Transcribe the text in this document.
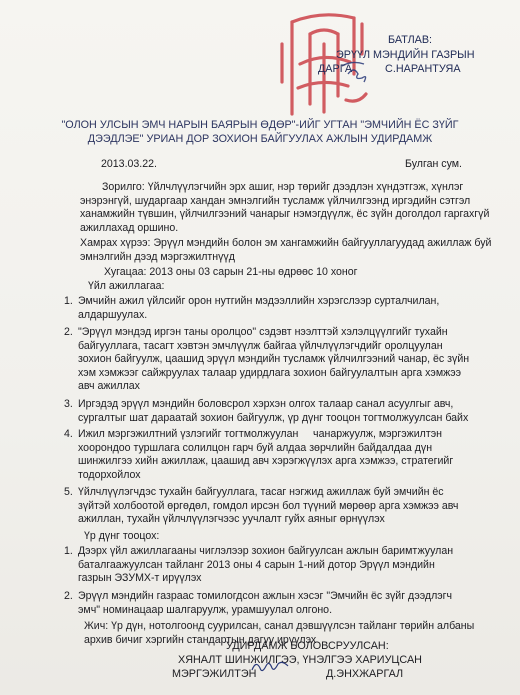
БАТЛАВ:
ЭРҮҮЛ МЭНДИЙН ГАЗРЫН
ДАРГА           С.НАРАНТУЯА
"ОЛОН УЛСЫН ЭМЧ НАРЫН БАЯРЫН ӨДӨР"-ИЙГ УГТАН "ЭМЧИЙН ЁС ЗҮЙГ
ДЭЭДЛЭЕ" УРИАН ДОР ЗОХИОН БАЙГУУЛАХ АЖЛЫН УДИРДАМЖ
2013.03.22.	Булган сум.
Зорилго: Үйлчлүүлэгчийн эрх ашиг, нэр төрийг дээдлэн хүндэтгэж, хүнлэг
энэрэнгүй, шударгаар хандан эмнэлгийн тусламж үйлчилгээнд иргэдийн сэтгэл
ханамжийн түвшин, үйлчилгээний чанарыг нэмэгдүүлж, ёс зүйн доголдол гаргахгүй
ажиллахад оршино.
Хамрах хүрээ: Эрүүл мэндийн болон эм хангамжийн байгууллагуудад ажиллаж буй
эмнэлгийн дээд мэргэжилтнүүд
Хугацаа: 2013 оны 03 сарын 21-ны өдрөөс 10 хоног
Үйл ажиллагаа:
1. Эмчийн ажил үйлсийг орон нутгийн мэдээллийн хэрэгслээр сурталчилан,
алдаршуулах.
2. "Эрүүл мэндэд иргэн таны оролцоо" сэдэвт нээлттэй хэлэлцүүлгийг тухайн
байгууллага, тасагт хэвтэн эмчлүүлж байгаа үйлчлүүлэгчдийг оролцуулан
зохион байгуулж, цаашид эрүүл мэндийн тусламж үйлчилгээний чанар, ёс зүйн
хэм хэмжээг сайжруулах талаар удирдлага зохион байгуулалтын арга хэмжээ
авч ажиллах
3. Иргэдэд эрүүл мэндийн боловсрол хэрхэн олгох талаар санал асуулгыг авч,
сургалтыг шат дараатай зохион байгуулж, үр дүнг тооцон тогтмолжуулсан байх
4. Ижил мэргэжилтний үзлэгийг тогтмолжуулан     чанаржуулж, мэргэжилтэн
хоорондоо туршлага солилцон гарч буй алдаа зөрчлийн байдалдаа дүн
шинжилгээ хийн ажиллаж, цаашид авч хэрэгжүүлэх арга хэмжээ, стратегийг
тодорхойлох
5. Үйлчлүүлэгчдэс тухайн байгууллага, тасаг нэгжид ажиллаж буй эмчийн ёс
зүйтэй холбоотой өргөдөл, гомдол ирсэн бол түүний мөрөөр арга хэмжээ авч
ажиллан, тухайн үйлчлүүлэгчээс уучлалт гуйх аяныг өрнүүлэх
Үр дүнг тооцох:
1. Дээрх үйл ажиллагааны чиглэлээр зохион байгуулсан ажлын баримтжуулан
баталгаажуулсан тайланг 2013 оны 4 сарын 1-ний дотор Эрүүл мэндийн
газрын ЭЗУМХ-т ирүүлэх
2. Эрүүл мэндийн газраас томилогдсон ажлын хэсэг "Эмчийн ёс зүйг дээдлэгч
эмч" номинацаар шалгаруулж, урамшуулал олгоно.
Жич: Үр дүн, нотолгоонд суурилсан, санал дэвшүүлсэн тайланг төрийн албаны
архив бичиг хэргийн стандартын дагуу ирүүлэх
УДИРДАМЖ БОЛОВСРУУЛСАН:
ХЯНАЛТ ШИНЖИЛГЭЭ, ҮНЭЛГЭЭ ХАРИУЦСАН
МЭРГЭЖИЛТЭН	Д.ЭНХЖАРГАЛ
